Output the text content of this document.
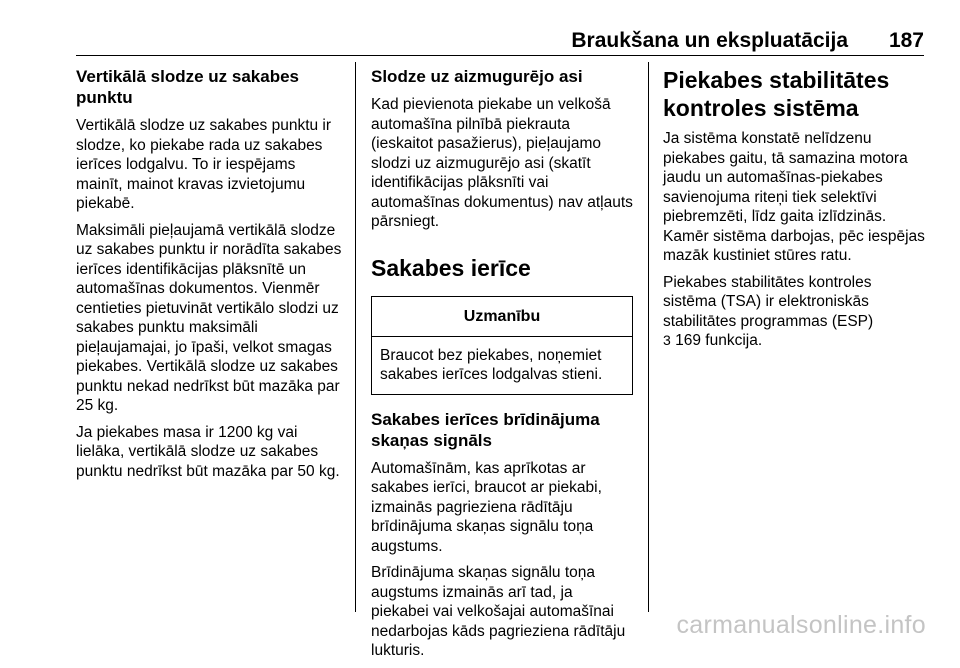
Braukšana un ekspluatācija 187
Vertikālā slodze uz sakabes punktu

Vertikālā slodze uz sakabes punktu ir slodze, ko piekabe rada uz sakabes ierīces lodgalvu. To ir iespējams mainīt, mainot kravas izvietojumu piekabē.

Maksimāli pieļaujamā vertikālā slodze uz sakabes punktu ir norādīta sakabes ierīces identifikācijas plāksnītē un automašīnas dokumentos. Vienmēr centieties pietuvināt vertikālo slodzi uz sakabes punktu maksimāli pieļaujamajai, jo īpaši, velkot smagas piekabes. Vertikālā slodze uz sakabes punktu nekad nedrīkst būt mazāka par 25 kg.

Ja piekabes masa ir 1200 kg vai lielāka, vertikālā slodze uz sakabes punktu nedrīkst būt mazāka par 50 kg.

Slodze uz aizmugurējo asi

Kad pievienota piekabe un velkošā automašīna pilnībā piekrauta (ieskaitot pasažierus), pieļaujamo slodzi uz aizmugurējo asi (skatīt identifikācijas plāksnīti vai automašīnas dokumentus) nav atļauts pārsniegt.

Sakabes ierīce
Uzmanību
Braucot bez piekabes, noņemiet sakabes ierīces lodgalvas stieni.
Sakabes ierīces brīdinājuma skaņas signāls

Automašīnām, kas aprīkotas ar sakabes ierīci, braucot ar piekabi, izmainās pagrieziena rādītāju brīdinājuma skaņas signālu toņa augstums.

Brīdinājuma skaņas signālu toņa augstums izmainās arī tad, ja piekabei vai velkošajai automašīnai nedarbojas kāds pagrieziena rādītāju lukturis.

Piekabes stabilitātes kontroles sistēma

Ja sistēma konstatē nelīdzenu piekabes gaitu, tā samazina motora jaudu un automašīnas-piekabes savienojuma riteņi tiek selektīvi piebremzēti, līdz gaita izlīdzinās. Kamēr sistēma darbojas, pēc iespējas mazāk kustiniet stūres ratu.

Piekabes stabilitātes kontroles sistēma (TSA) ir elektroniskās stabilitātes programmas (ESP)
3 169 funkcija.

carmanualsonline.info
